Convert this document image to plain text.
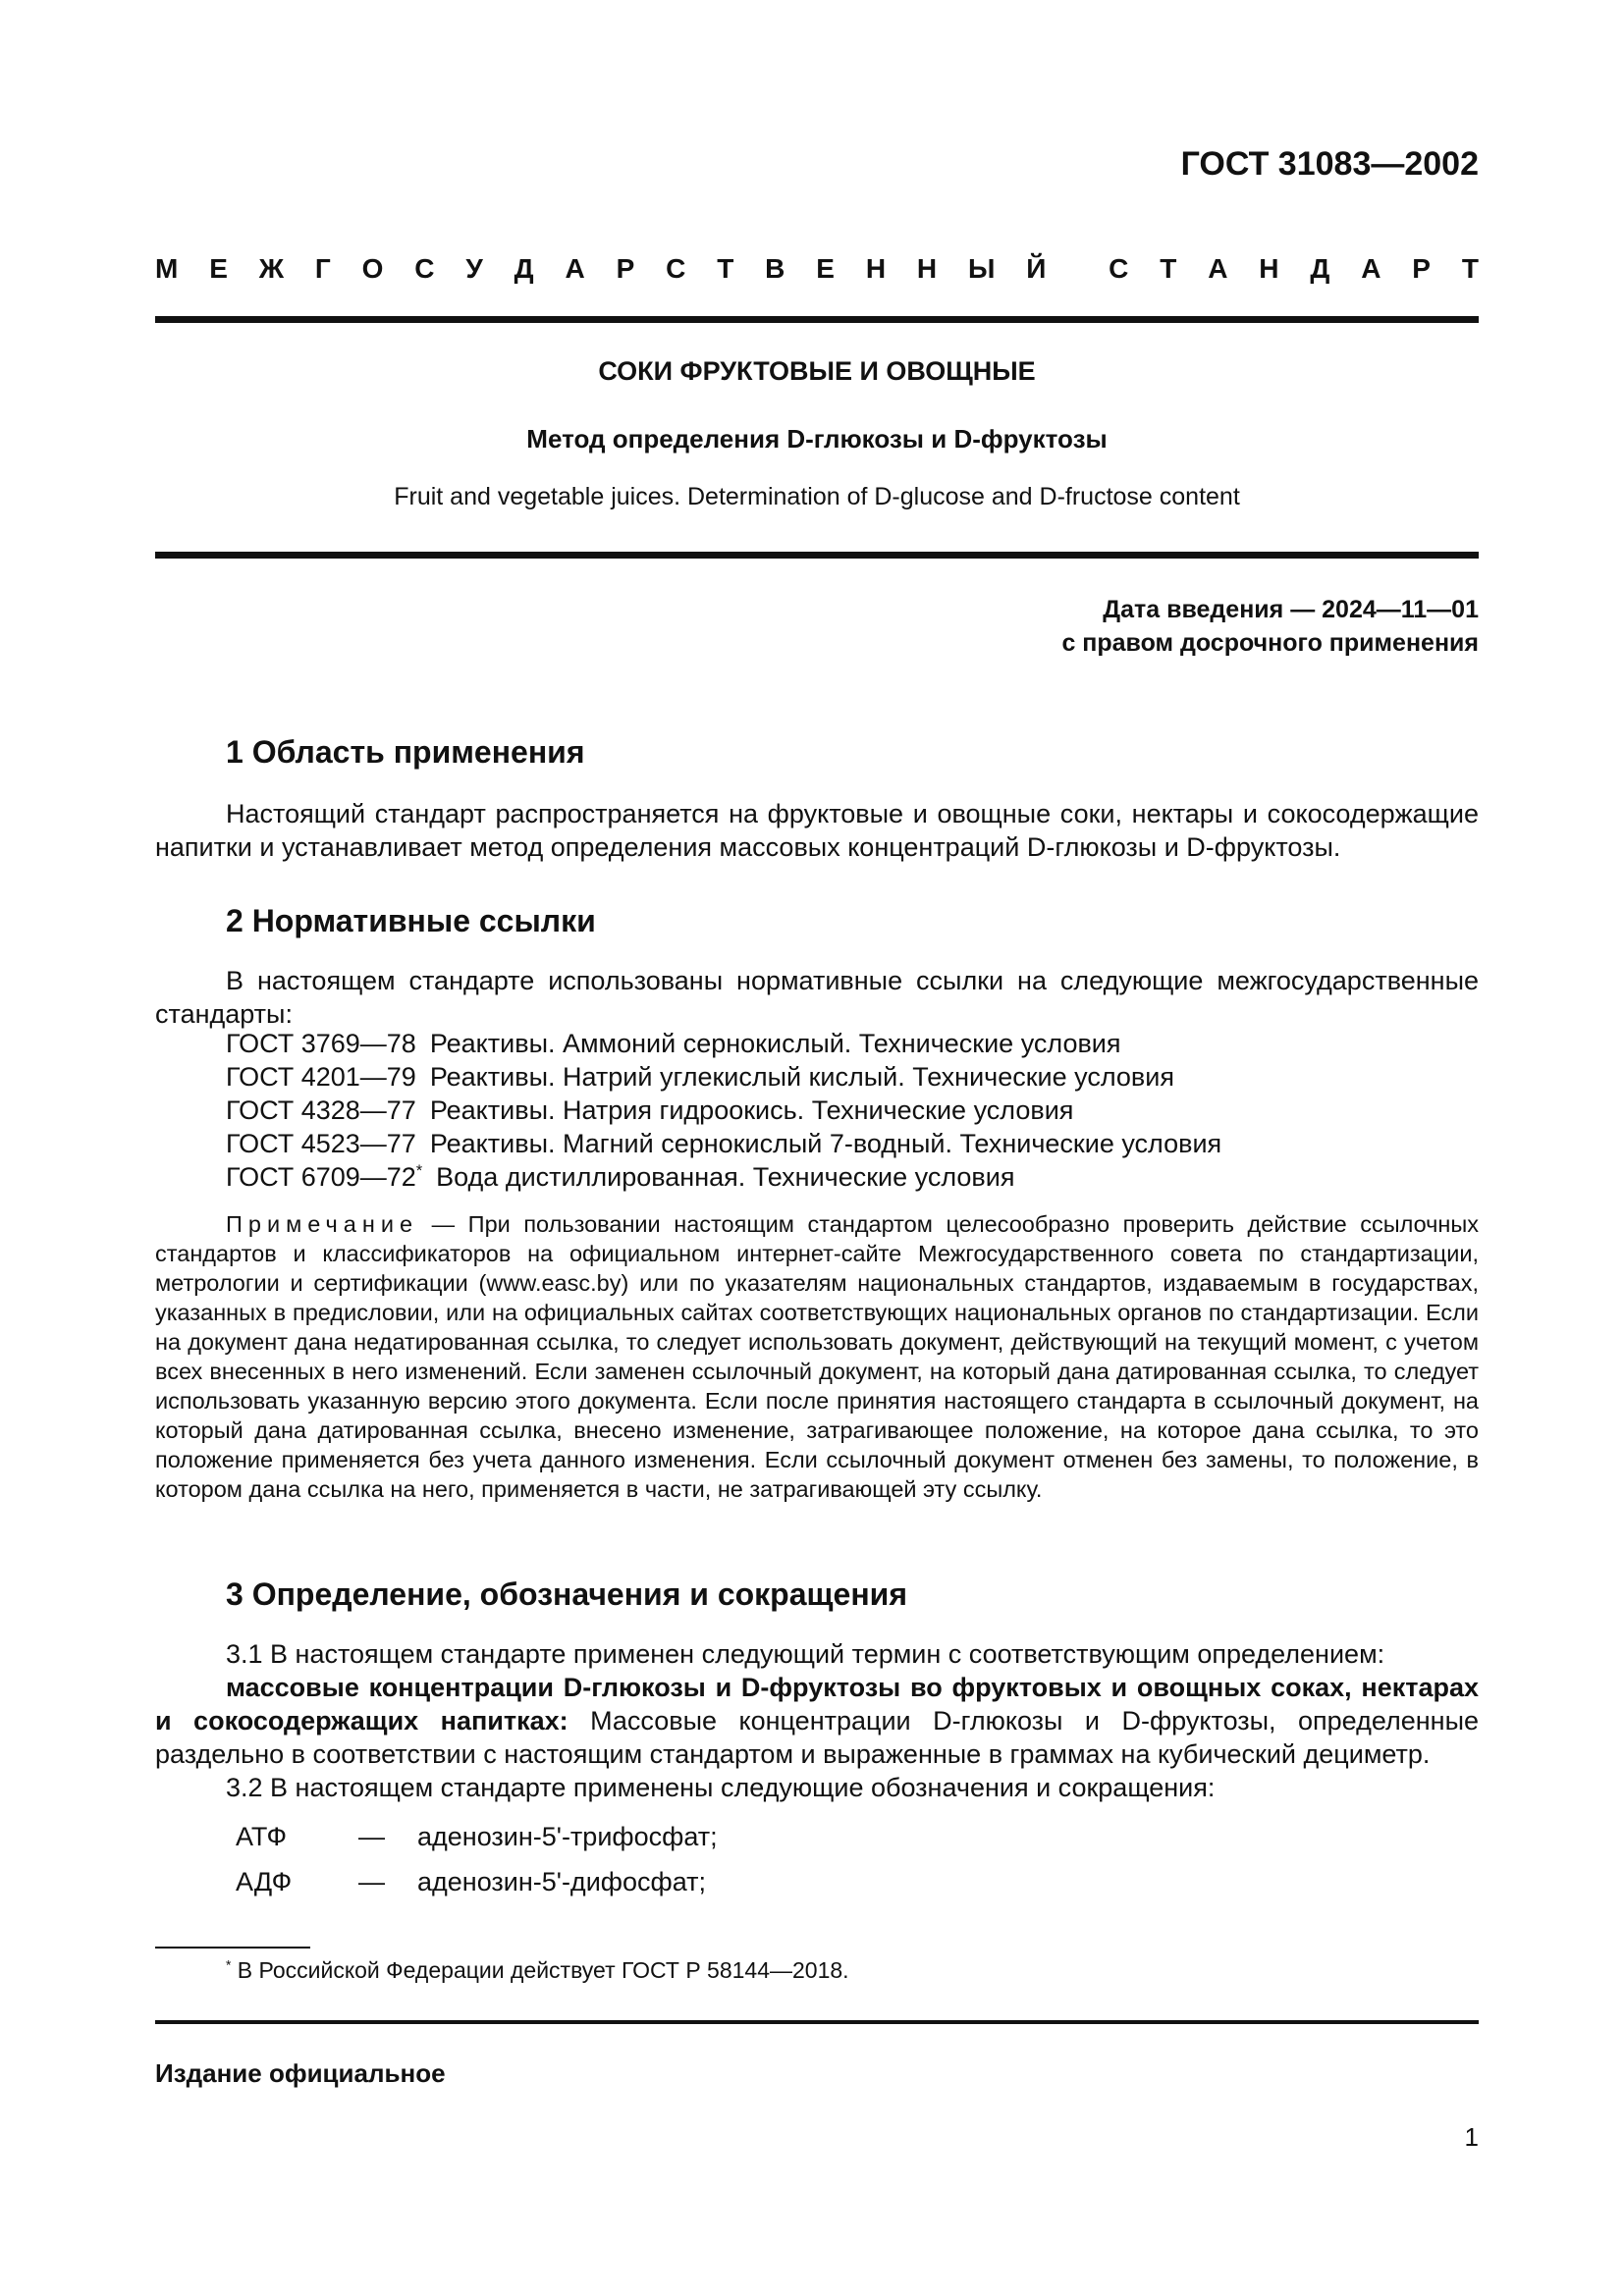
ГОСТ 31083—2002
М Е Ж Г О С У Д А Р С Т В Е Н Н Ы Й С Т А Н Д А Р Т
СОКИ ФРУКТОВЫЕ И ОВОЩНЫЕ
Метод определения D-глюкозы и D-фруктозы
Fruit and vegetable juices. Determination of D-glucose and D-fructose content
Дата введения — 2024—11—01
с правом досрочного применения
1 Область применения
Настоящий стандарт распространяется на фруктовые и овощные соки, нектары и сокосодержащие напитки и устанавливает метод определения массовых концентраций D-глюкозы и D-фруктозы.
2 Нормативные ссылки
В настоящем стандарте использованы нормативные ссылки на следующие межгосударственные стандарты:
ГОСТ 3769—78 Реактивы. Аммоний сернокислый. Технические условия
ГОСТ 4201—79 Реактивы. Натрий углекислый кислый. Технические условия
ГОСТ 4328—77 Реактивы. Натрия гидроокись. Технические условия
ГОСТ 4523—77 Реактивы. Магний сернокислый 7-водный. Технические условия
ГОСТ 6709—72* Вода дистиллированная. Технические условия
Примечание — При пользовании настоящим стандартом целесообразно проверить действие ссылочных стандартов и классификаторов на официальном интернет-сайте Межгосударственного совета по стандартизации, метрологии и сертификации (www.easc.by) или по указателям национальных стандартов, издаваемым в государствах, указанных в предисловии, или на официальных сайтах соответствующих национальных органов по стандартизации. Если на документ дана недатированная ссылка, то следует использовать документ, действующий на текущий момент, с учетом всех внесенных в него изменений. Если заменен ссылочный документ, на который дана датированная ссылка, то следует использовать указанную версию этого документа. Если после принятия настоящего стандарта в ссылочный документ, на который дана датированная ссылка, внесено изменение, затрагивающее положение, на которое дана ссылка, то это положение применяется без учета данного изменения. Если ссылочный документ отменен без замены, то положение, в котором дана ссылка на него, применяется в части, не затрагивающей эту ссылку.
3 Определение, обозначения и сокращения
3.1 В настоящем стандарте применен следующий термин с соответствующим определением:
массовые концентрации D-глюкозы и D-фруктозы во фруктовых и овощных соках, нектарах и сокосодержащих напитках: Массовые концентрации D-глюкозы и D-фруктозы, определенные раздельно в соответствии с настоящим стандартом и выраженные в граммах на кубический дециметр.
3.2 В настоящем стандарте применены следующие обозначения и сокращения:
АТФ	—	аденозин-5'-трифосфат;
АДФ	—	аденозин-5'-дифосфат;
* В Российской Федерации действует ГОСТ Р 58144—2018.
Издание официальное
1
